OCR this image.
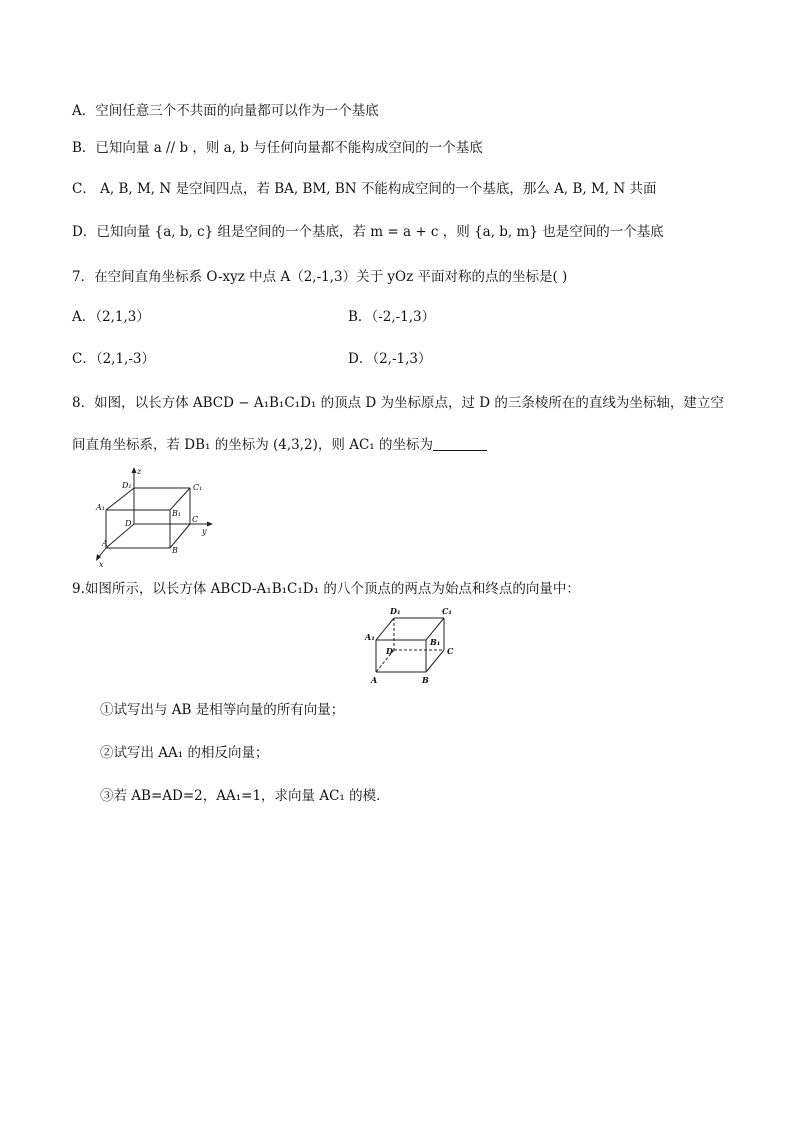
A．空间任意三个不共面的向量都可以作为一个基底
B．已知向量 a // b ，则 a, b 与任何向量都不能构成空间的一个基底
C． A, B, M, N 是空间四点，若 BA, BM, BN 不能构成空间的一个基底，那么 A, B, M, N 共面
D．已知向量 {a, b, c} 组是空间的一个基底，若 m = a + c ，则 {a, b, m} 也是空间的一个基底
7．在空间直角坐标系 O-xyz 中点 A（2,-1,3）关于 yOz 平面对称的点的坐标是( )
A．（2,1,3）	B．（-2,-1,3）
C．（2,1,-3）	D．（2,-1,3）
8．如图，以长方体 ABCD − A₁B₁C₁D₁ 的顶点 D 为坐标原点，过 D 的三条棱所在的直线为坐标轴，建立空
间直角坐标系，若 DB₁ 的坐标为 (4,3,2)，则 AC₁ 的坐标为
z
D₁	C₁
A₁
B₁
D	C
y
A
B
x
9.如图所示，以长方体 ABCD-A₁B₁C₁D₁ 的八个顶点的两点为始点和终点的向量中：
D₁	C₁
A₁	B₁
D	C
A	B
①试写出与 AB 是相等向量的所有向量；
②试写出 AA₁ 的相反向量；
③若 AB=AD=2，AA₁=1，求向量 AC₁ 的模．
